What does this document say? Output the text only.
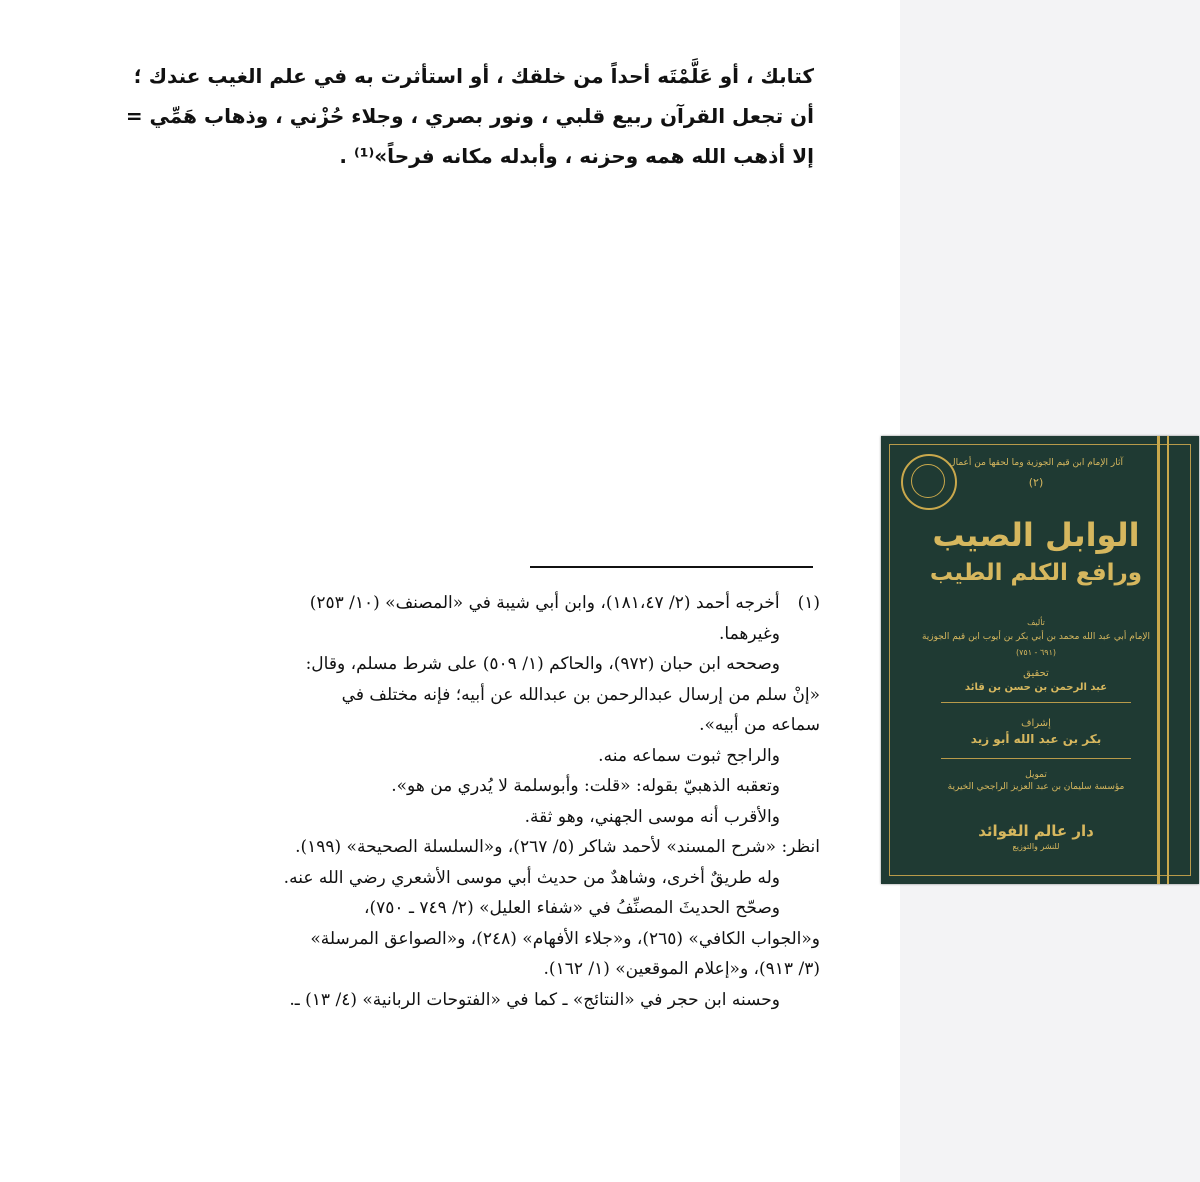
كتابك ، أو عَلَّمْتَه أحداً من خلقك ، أو استأثرت به في علم الغيب عندك ؛
أن تجعل القرآن ربيع قلبي ، ونور بصري ، وجلاء حُزْني ، وذهاب هَمِّي =
إلا أذهب الله همه وحزنه ، وأبدله مكانه فرحاً»⁽¹⁾ .
(١)أخرجه أحمد (٢/ ١٨١،٤٧)، وابن أبي شيبة في «المصنف» (١٠/ ٢٥٣)
وغيرهما.
وصححه ابن حبان (٩٧٢)، والحاكم (١/ ٥٠٩) على شرط مسلم، وقال:
«إنْ سلم من إرسال عبدالرحمن بن عبدالله عن أبيه؛ فإنه مختلف في
سماعه من أبيه».
والراجح ثبوت سماعه منه.
وتعقبه الذهبيّ بقوله: «قلت: وأبوسلمة لا يُدري من هو».
والأقرب أنه موسى الجهني، وهو ثقة.
انظر: «شرح المسند» لأحمد شاكر (٥/ ٢٦٧)، و«السلسلة الصحيحة» (١٩٩).
وله طريقٌ أخرى، وشاهدٌ من حديث أبي موسى الأشعري رضي الله عنه.
وصحّح الحديثَ المصنِّفُ في «شفاء العليل» (٢/ ٧٤٩ ـ ٧٥٠)،
و«الجواب الكافي» (٢٦٥)، و«جلاء الأفهام» (٢٤٨)، و«الصواعق المرسلة»
(٣/ ٩١٣)، و«إعلام الموقعين» (١/ ١٦٢).
وحسنه ابن حجر في «النتائج» ـ كما في «الفتوحات الربانية» (٤/ ١٣) ـ.
آثار الإمام ابن قيم الجوزية وما لحقها من أعمال
(٢)
الوابل الصيب
ورافع الكلم الطيب
تأليف
الإمام أبي عبد الله محمد بن أبي بكر بن أيوب ابن قيم الجوزية
(٦٩١ - ٧٥١)
تحقيق
عبد الرحمن بن حسن بن قائد
إشراف
بكر بن عبد الله أبو زيد
تمويل
مؤسسة سليمان بن عبد العزيز الراجحي الخيرية
دار عالم الفوائد
للنشر والتوزيع
